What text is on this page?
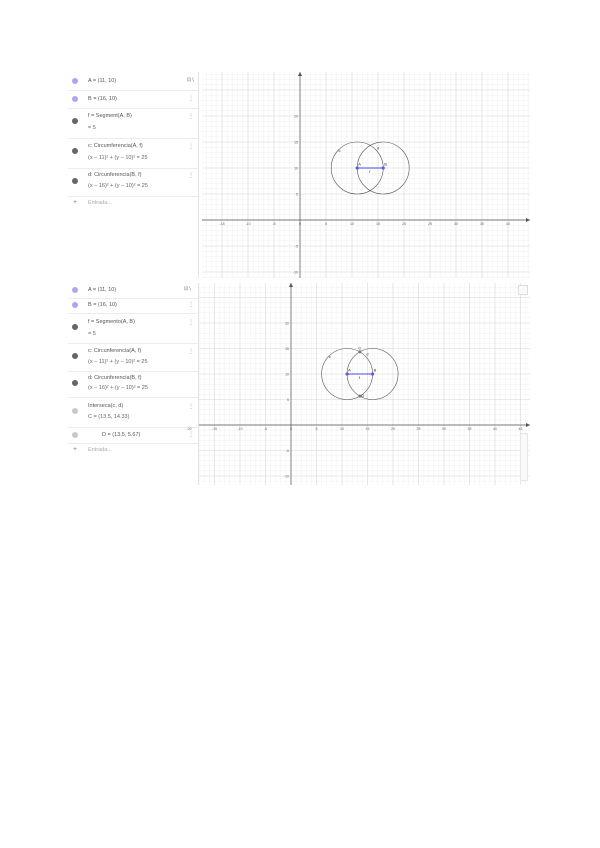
A = (11, 10)
B = (16, 10)	⋮
f = Segment(A, B)
= 5
⋮
c: Circumferencia(A, f)
(x − 11)² + (y − 10)² = 25
⋮
d: Circunferencia(B, f)
(x − 16)² + (y − 10)² = 25
⋮
+ Entrada...
⊡∖
-15	-10	-5	0	5	10	15	20	25	30	35	40
20
15
10
5
-5
-10
c
d
A	B
f
A = (11, 10)
B = (16, 10)	⋮
f = Segmento(A, B)
= 5
⋮
c: Circunferencia(A, f)
(x − 11)² + (y − 10)² = 25
⋮
d: Circunferencia(B, f)
(x − 16)² + (y − 10)² = 25
Interseca(c, d)
C = (13.5, 14.33)
⋮
D = (13.5, 5.67)	⋮
+ Entrada...
⊡∖
-20	-15	-10	-5	0	5	10	15	20	25	30	35	40	45
20
15
10
5
-5
-10
c
d
A	B
f
C
D
